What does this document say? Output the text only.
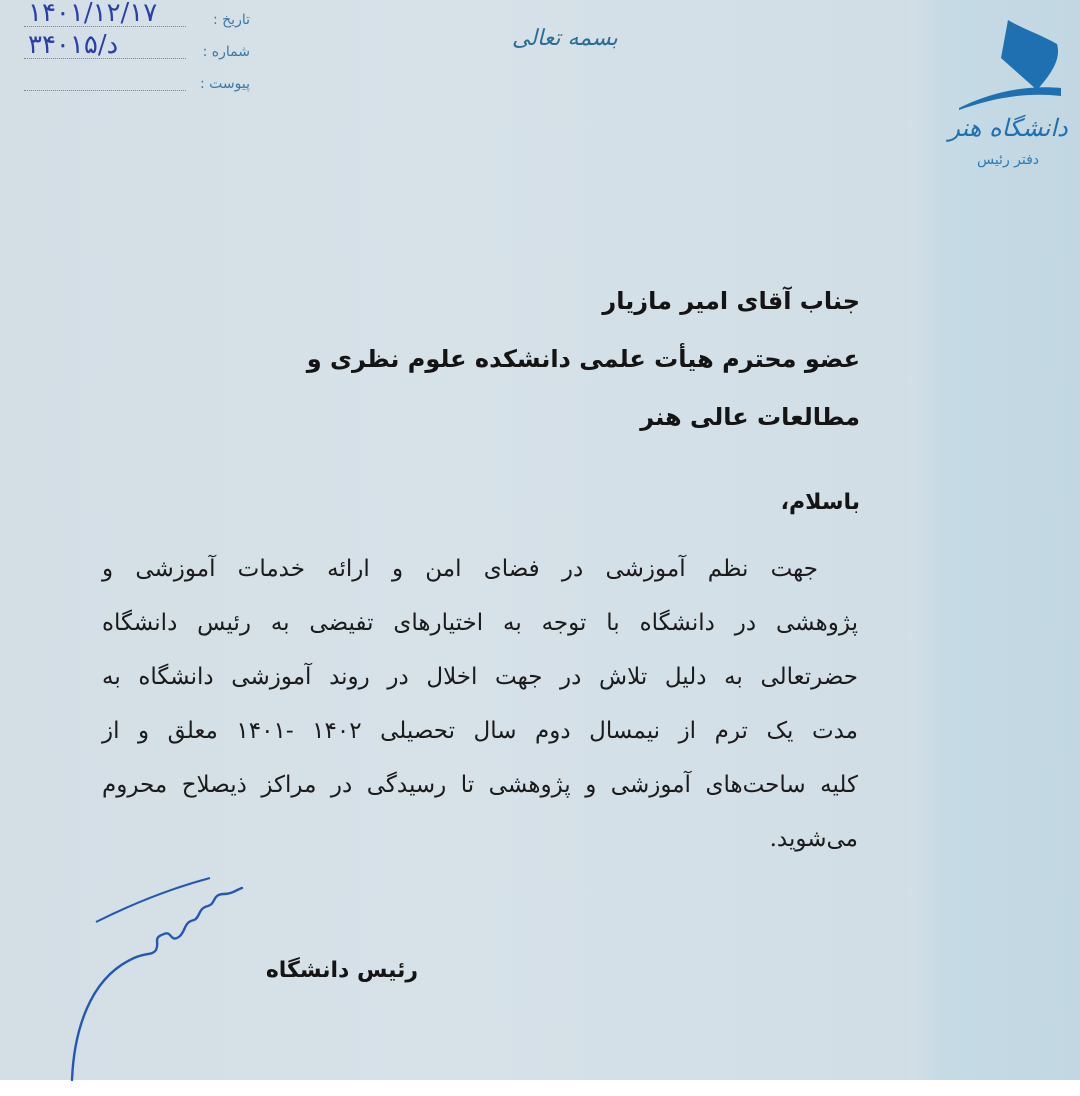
تاریخ :
۱۴۰۱/۱۲/۱۷
شماره :
۳۴۰۱۵/د
پیوست :
بسمه تعالی
دانشگاه هنر
دفتر رئیس
جناب آقای امیر مازیار
عضو محترم هیأت علمی دانشکده علوم نظری و
مطالعات عالی هنر
باسلام،
جهت نظم آموزشی در فضای امن و ارائه خدمات آموزشی و
پژوهشی در دانشگاه با توجه به اختیارهای تفیضی به رئیس دانشگاه
حضرتعالی به دلیل تلاش در جهت اخلال در روند آموزشی دانشگاه به
مدت یک ترم از نیمسال دوم سال تحصیلی ۱۴۰۲ -۱۴۰۱ معلق و از
کلیه ساحت‌های آموزشی و پژوهشی تا رسیدگی در مراکز ذیصلاح محروم
می‌شوید.
رئیس دانشگاه
